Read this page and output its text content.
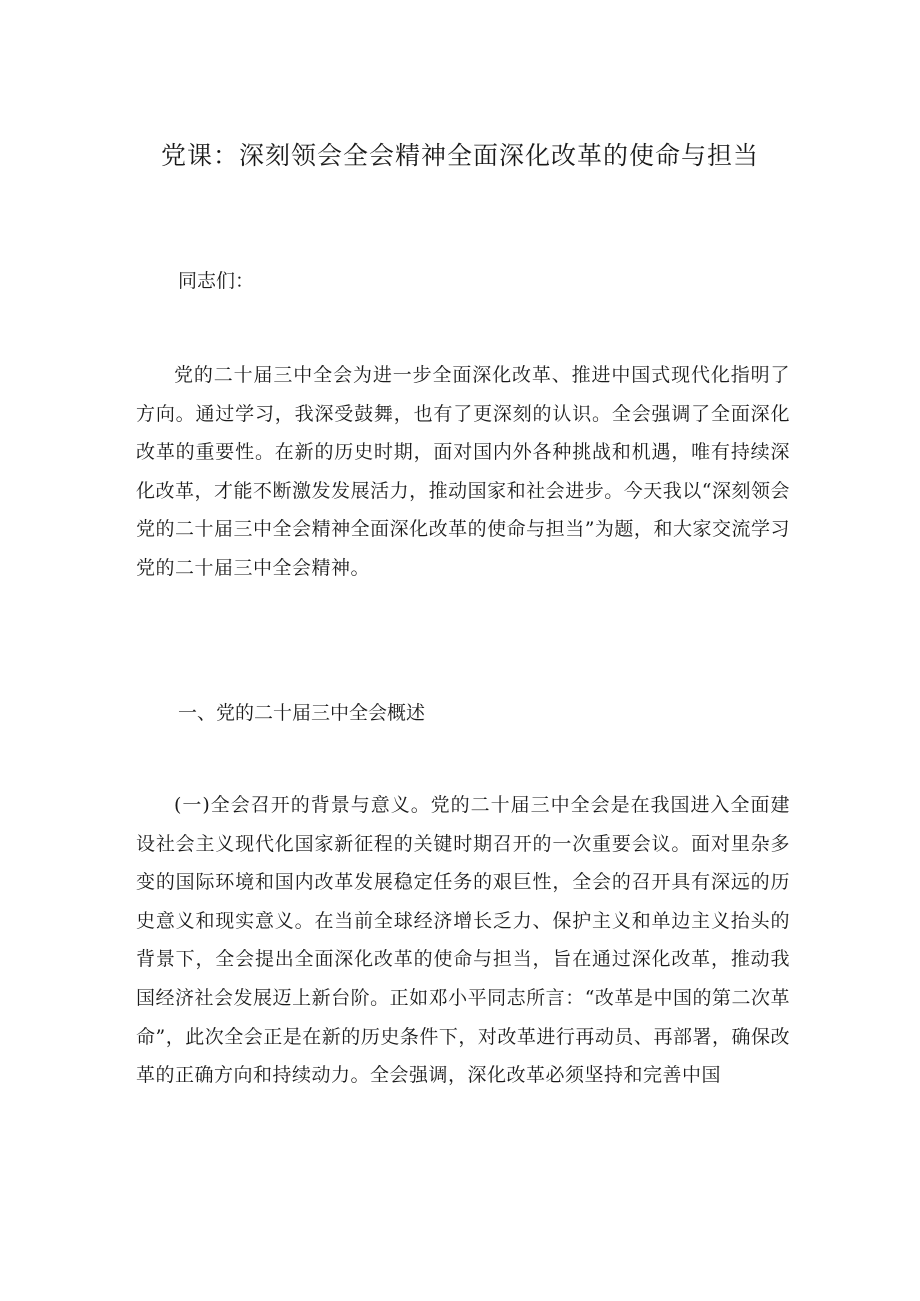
党课：深刻领会全会精神全面深化改革的使命与担当
同志们：
党的二十届三中全会为进一步全面深化改革、推进中国式现代化指明了方向。通过学习，我深受鼓舞，也有了更深刻的认识。全会强调了全面深化改革的重要性。在新的历史时期，面对国内外各种挑战和机遇，唯有持续深化改革，才能不断激发发展活力，推动国家和社会进步。今天我以“深刻领会党的二十届三中全会精神全面深化改革的使命与担当”为题，和大家交流学习党的二十届三中全会精神。
一、党的二十届三中全会概述
(一)全会召开的背景与意义。党的二十届三中全会是在我国进入全面建设社会主义现代化国家新征程的关键时期召开的一次重要会议。面对里杂多变的国际环境和国内改革发展稳定任务的艰巨性，全会的召开具有深远的历史意义和现实意义。在当前全球经济增长乏力、保护主义和单边主义抬头的背景下，全会提出全面深化改革的使命与担当，旨在通过深化改革，推动我国经济社会发展迈上新台阶。正如邓小平同志所言：“改革是中国的第二次革命”，此次全会正是在新的历史条件下，对改革进行再动员、再部署，确保改革的正确方向和持续动力。全会强调，深化改革必须坚持和完善中国
